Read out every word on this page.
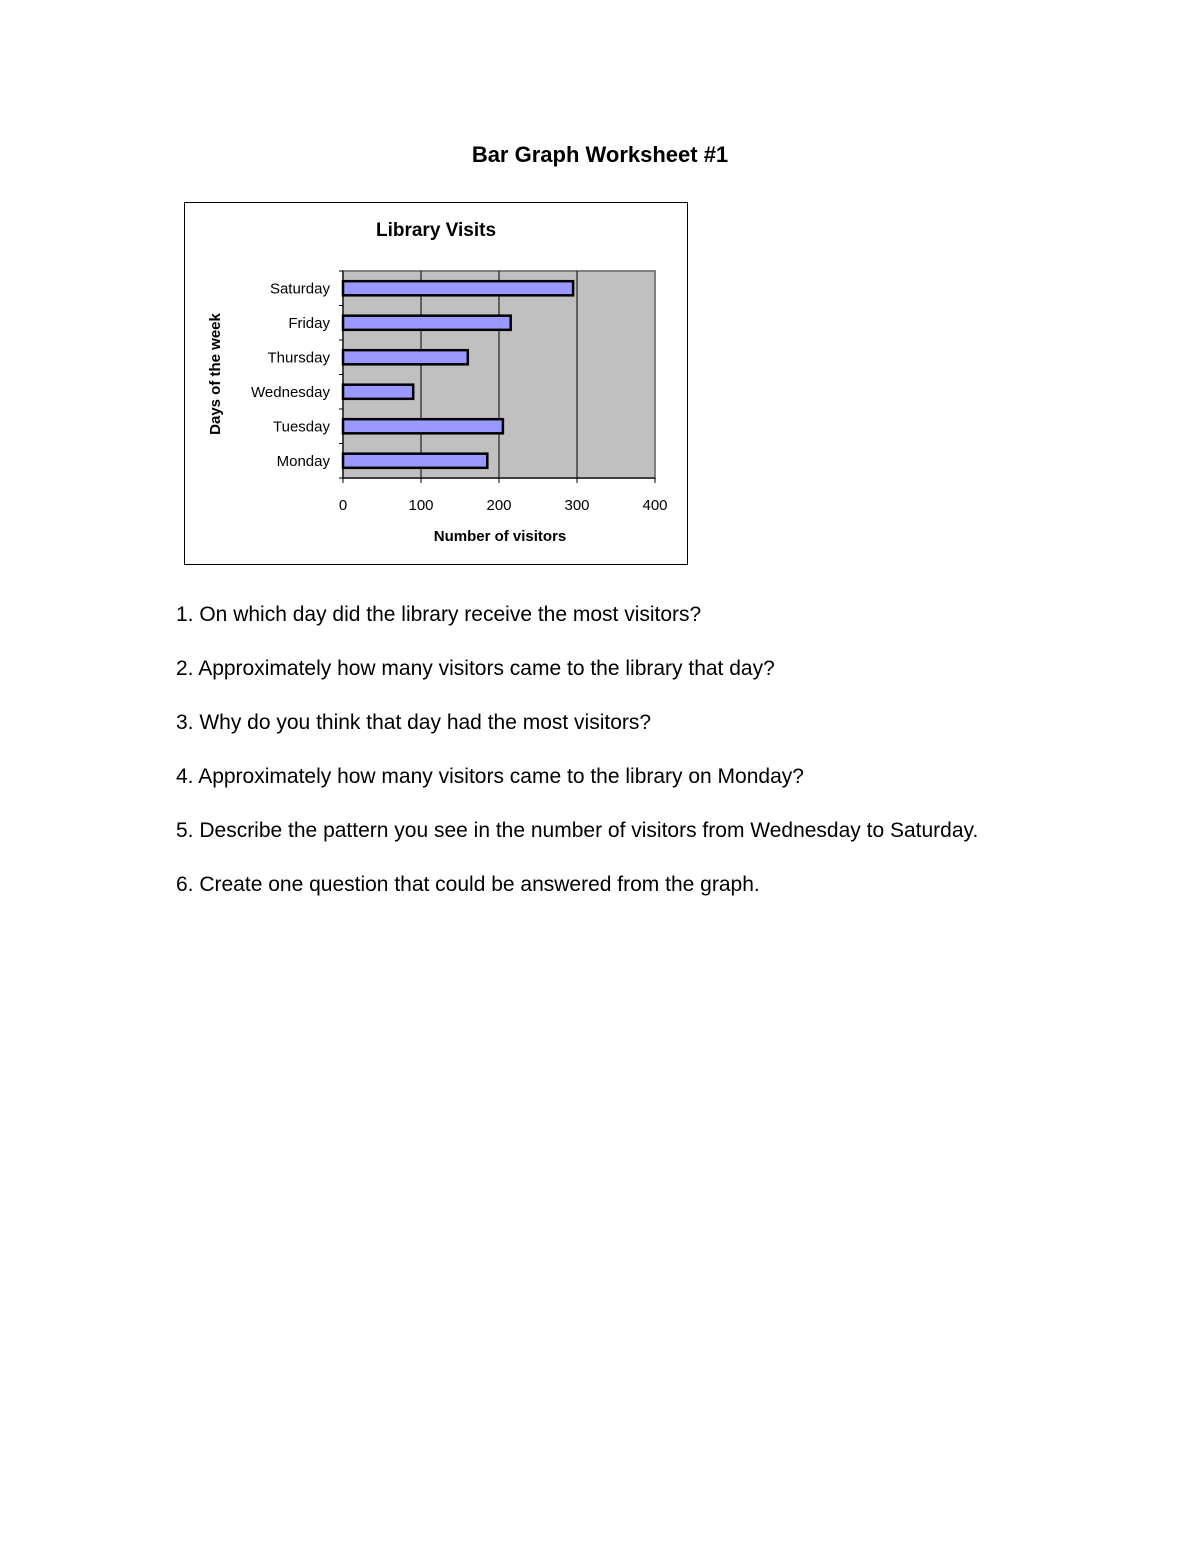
Bar Graph Worksheet #1
Library Visits
0	100	200	300	400
Monday
Tuesday
Wednesday
Thursday
Friday
Saturday
Number of visitors
Days of the week

1. On which day did the library receive the most visitors?

2. Approximately how many visitors came to the library that day?

3. Why do you think that day had the most visitors?

4. Approximately how many visitors came to the library on Monday?

5. Describe the pattern you see in the number of visitors from Wednesday to Saturday.

6. Create one question that could be answered from the graph.
